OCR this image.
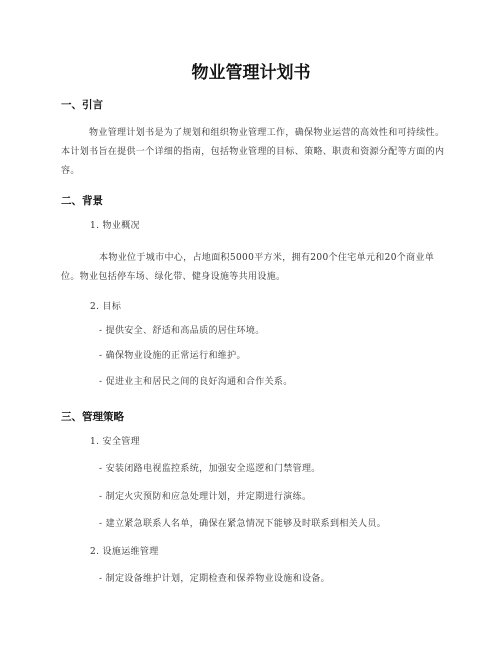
物业管理计划书
一、引言

物业管理计划书是为了规划和组织物业管理工作，确保物业运营的高效性和可持续性。本计划书旨在提供一个详细的指南，包括物业管理的目标、策略、职责和资源分配等方面的内容。

二、背景

1. 物业概况

本物业位于城市中心，占地面积5000平方米，拥有200个住宅单元和20个商业单位。物业包括停车场、绿化带、健身设施等共用设施。

2. 目标

- 提供安全、舒适和高品质的居住环境。

- 确保物业设施的正常运行和维护。

- 促进业主和居民之间的良好沟通和合作关系。

三、管理策略

1. 安全管理

- 安装闭路电视监控系统，加强安全巡逻和门禁管理。

- 制定火灾预防和应急处理计划，并定期进行演练。

- 建立紧急联系人名单，确保在紧急情况下能够及时联系到相关人员。

2. 设施运维管理

- 制定设备维护计划，定期检查和保养物业设施和设备。
